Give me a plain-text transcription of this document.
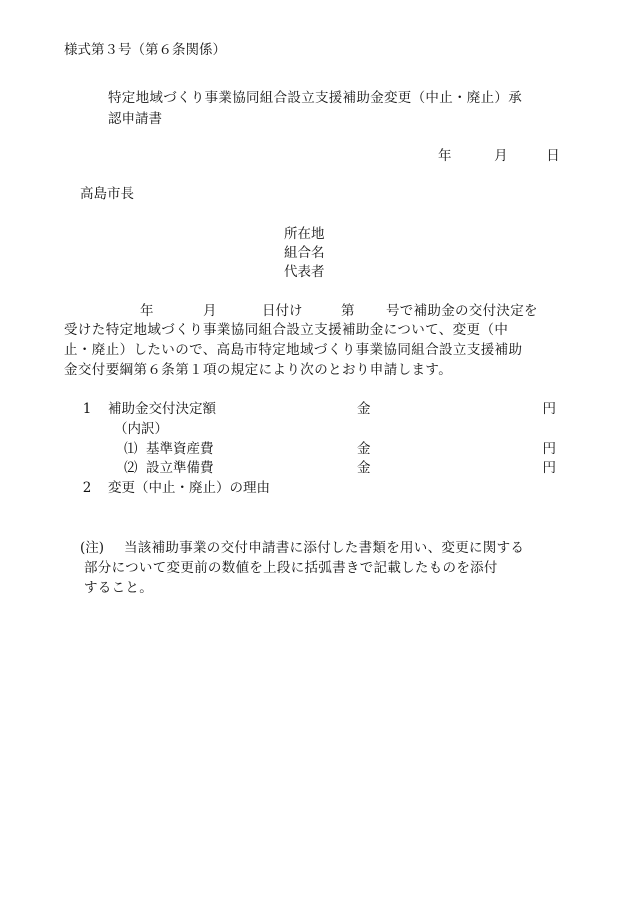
様式第３号（第６条関係）
特定地域づくり事業協同組合設立支援補助金変更（中止・廃止）承
認申請書
年	月	日
高島市長
所在地
組合名
代表者
年	月	日付け	第 号で補助金の交付決定を
受けた特定地域づくり事業協同組合設立支援補助金について、変更（中
止・廃止）したいので、高島市特定地域づくり事業協同組合設立支援補助
金交付要綱第６条第１項の規定により次のとおり申請します。
1 補助金交付決定額	金	円
（内訳）
⑴ 基準資産費	金	円
⑵ 設立準備費	金	円
2 変更（中止・廃止）の理由
(注) 当該補助事業の交付申請書に添付した書類を用い、変更に関する
部分について変更前の数値を上段に括弧書きで記載したものを添付
すること。
